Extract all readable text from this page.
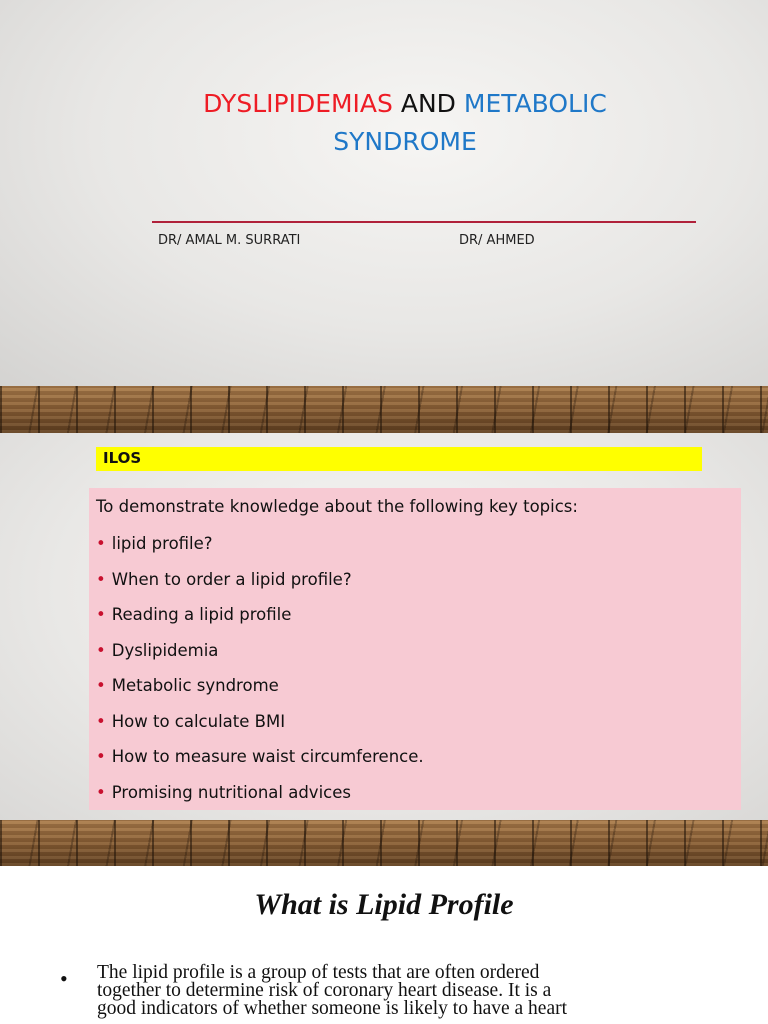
DYSLIPIDEMIAS AND METABOLIC
SYNDROME
DR/ AMAL M. SURRATI	DR/ AHMED
ILOS
To demonstrate knowledge about the following key topics:
• lipid profile?
• When to order a lipid profile?
• Reading a lipid profile
• Dyslipidemia
• Metabolic syndrome
• How to calculate BMI
• How to measure waist circumference.
• Promising nutritional advices
What is Lipid Profile
• The lipid profile is a group of tests that are often ordered
together to determine risk of coronary heart disease. It is a
good indicators of whether someone is likely to have a heart
